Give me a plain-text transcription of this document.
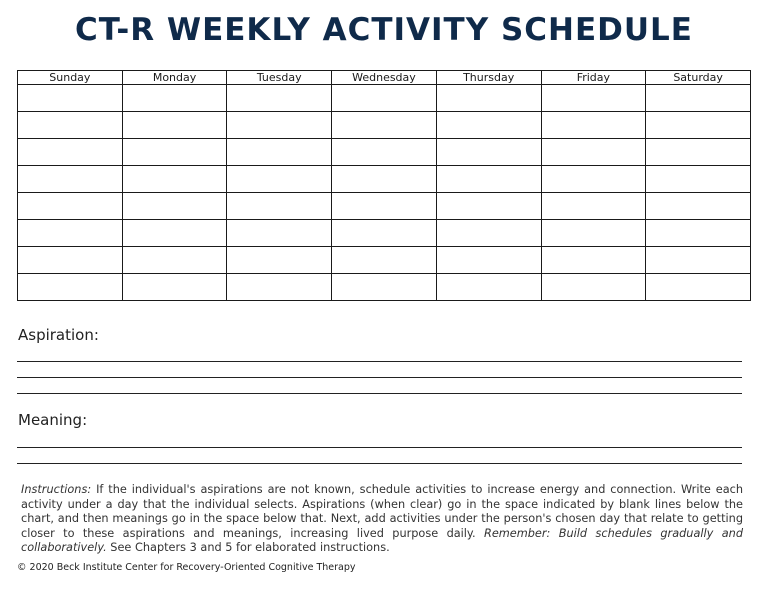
CT-R WEEKLY ACTIVITY SCHEDULE
Sunday	Monday	Tuesday	Wednesday	Thursday	Friday	Saturday

Aspiration:
Meaning:
Instructions: If the individual's aspirations are not known, schedule activities to increase energy and connection. Write each activity under a day that the individual selects. Aspirations (when clear) go in the space indicated by blank lines below the chart, and then meanings go in the space below that. Next, add activities under the person's chosen day that relate to getting closer to these aspirations and meanings, increasing lived purpose daily. Remember: Build schedules gradually and collaboratively. See Chapters 3 and 5 for elaborated instructions.
© 2020 Beck Institute Center for Recovery-Oriented Cognitive Therapy
